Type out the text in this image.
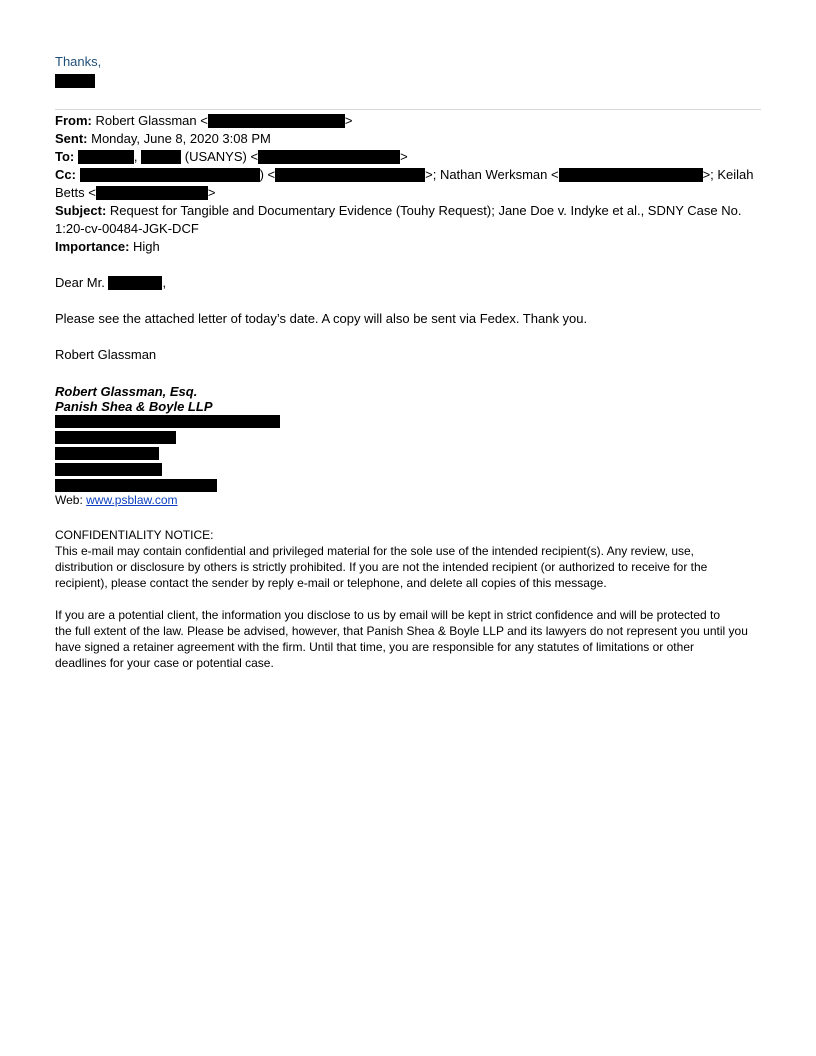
Thanks,
From: Robert Glassman <	>
Sent: Monday, June 8, 2020 3:08 PM
To:	,	(USANYS) <	>
Cc:	) <	>; Nathan Werksman <	>; Keilah
Betts <	>
Subject: Request for Tangible and Documentary Evidence (Touhy Request); Jane Doe v. Indyke et al., SDNY Case No.
1:20-cv-00484-JGK-DCF
Importance: High
Dear Mr.	,
Please see the attached letter of today’s date. A copy will also be sent via Fedex. Thank you.
Robert Glassman
Robert Glassman, Esq.
Panish Shea & Boyle LLP
Web: www.psblaw.com
CONFIDENTIALITY NOTICE:
This e-mail may contain confidential and privileged material for the sole use of the intended recipient(s). Any review, use,
distribution or disclosure by others is strictly prohibited. If you are not the intended recipient (or authorized to receive for the
recipient), please contact the sender by reply e-mail or telephone, and delete all copies of this message.
If you are a potential client, the information you disclose to us by email will be kept in strict confidence and will be protected to
the full extent of the law. Please be advised, however, that Panish Shea & Boyle LLP and its lawyers do not represent you until you
have signed a retainer agreement with the firm. Until that time, you are responsible for any statutes of limitations or other
deadlines for your case or potential case.
